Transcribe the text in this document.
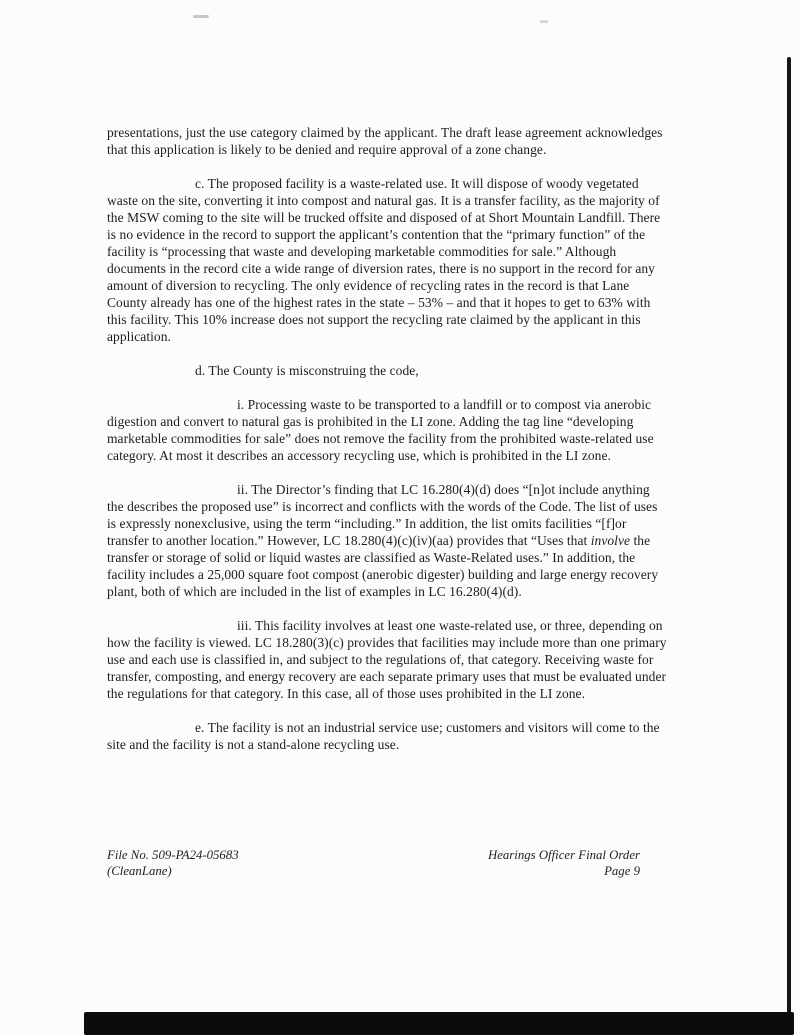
presentations, just the use category claimed by the applicant. The draft lease agreement acknowledges that this application is likely to be denied and require approval of a zone change.

c. The proposed facility is a waste-related use. It will dispose of woody vegetated waste on the site, converting it into compost and natural gas. It is a transfer facility, as the majority of the MSW coming to the site will be trucked offsite and disposed of at Short Mountain Landfill. There is no evidence in the record to support the applicant’s contention that the “primary function” of the facility is “processing that waste and developing marketable commodities for sale.” Although documents in the record cite a wide range of diversion rates, there is no support in the record for any amount of diversion to recycling. The only evidence of recycling rates in the record is that Lane County already has one of the highest rates in the state – 53% – and that it hopes to get to 63% with this facility. This 10% increase does not support the recycling rate claimed by the applicant in this application.

d. The County is misconstruing the code,

i. Processing waste to be transported to a landfill or to compost via anerobic digestion and convert to natural gas is prohibited in the LI zone. Adding the tag line “developing marketable commodities for sale” does not remove the facility from the prohibited waste-related use category. At most it describes an accessory recycling use, which is prohibited in the LI zone.

ii. The Director’s finding that LC 16.280(4)(d) does “[n]ot include anything the describes the proposed use” is incorrect and conflicts with the words of the Code. The list of uses is expressly nonexclusive, using the term “including.” In addition, the list omits facilities “[f]or transfer to another location.” However, LC 18.280(4)(c)(iv)(aa) provides that “Uses that involve the transfer or storage of solid or liquid wastes are classified as Waste-Related uses.” In addition, the facility includes a 25,000 square foot compost (anerobic digester) building and large energy recovery plant, both of which are included in the list of examples in LC 16.280(4)(d).

iii. This facility involves at least one waste-related use, or three, depending on how the facility is viewed. LC 18.280(3)(c) provides that facilities may include more than one primary use and each use is classified in, and subject to the regulations of, that category. Receiving waste for transfer, composting, and energy recovery are each separate primary uses that must be evaluated under the regulations for that category. In this case, all of those uses prohibited in the LI zone.

e. The facility is not an industrial service use; customers and visitors will come to the site and the facility is not a stand-alone recycling use.

File No. 509-PA24-05683
(CleanLane)
Hearings Officer Final Order
Page 9
